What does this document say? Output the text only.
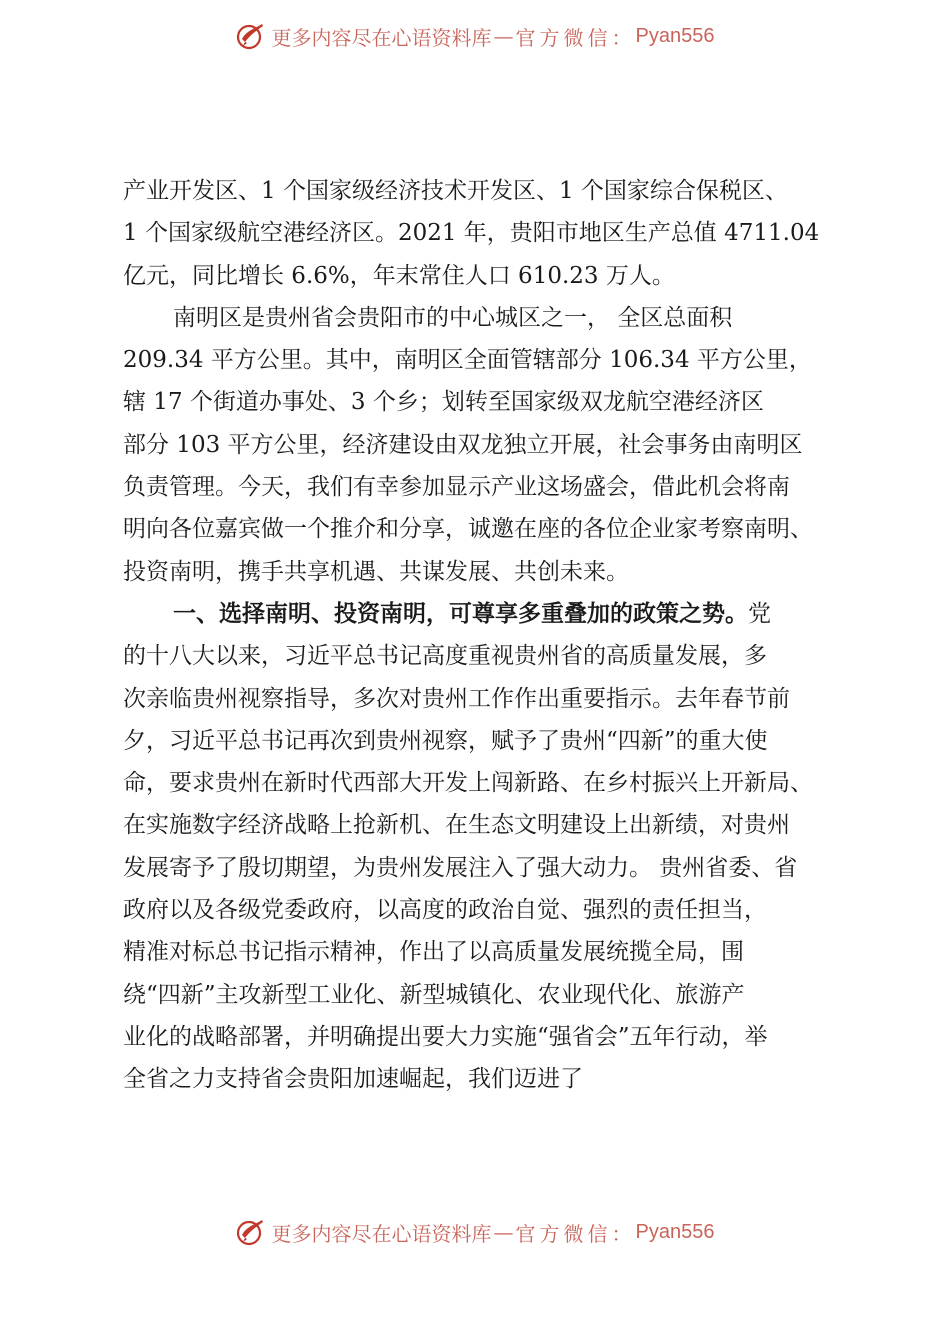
更多内容尽在心语资料库 — 官方微信： Pyan556
产业开发区、1 个国家级经济技术开发区、1 个国家综合保税区、
1 个国家级航空港经济区。2021 年，贵阳市地区生产总值 4711.04
亿元，同比增长 6.6%，年末常住人口 610.23 万人。
南明区是贵州省会贵阳市的中心城区之一， 全区总面积
209.34 平方公里。其中，南明区全面管辖部分 106.34 平方公里，
辖 17 个街道办事处、3 个乡；划转至国家级双龙航空港经济区
部分 103 平方公里，经济建设由双龙独立开展，社会事务由南明区
负责管理。今天，我们有幸参加显示产业这场盛会，借此机会将南
明向各位嘉宾做一个推介和分享，诚邀在座的各位企业家考察南明、
投资南明，携手共享机遇、共谋发展、共创未来。
一、选择南明、投资南明，可尊享多重叠加的政策之势。党
的十八大以来，习近平总书记高度重视贵州省的高质量发展，多
次亲临贵州视察指导，多次对贵州工作作出重要指示。去年春节前
夕，习近平总书记再次到贵州视察，赋予了贵州“四新”的重大使
命，要求贵州在新时代西部大开发上闯新路、在乡村振兴上开新局、
在实施数字经济战略上抢新机、在生态文明建设上出新绩，对贵州
发展寄予了殷切期望，为贵州发展注入了强大动力。 贵州省委、省
政府以及各级党委政府，以高度的政治自觉、强烈的责任担当，
精准对标总书记指示精神，作出了以高质量发展统揽全局，围
绕“四新”主攻新型工业化、新型城镇化、农业现代化、旅游产
业化的战略部署，并明确提出要大力实施“强省会”五年行动，举
全省之力支持省会贵阳加速崛起，我们迈进了
更多内容尽在心语资料库 — 官方微信： Pyan556
